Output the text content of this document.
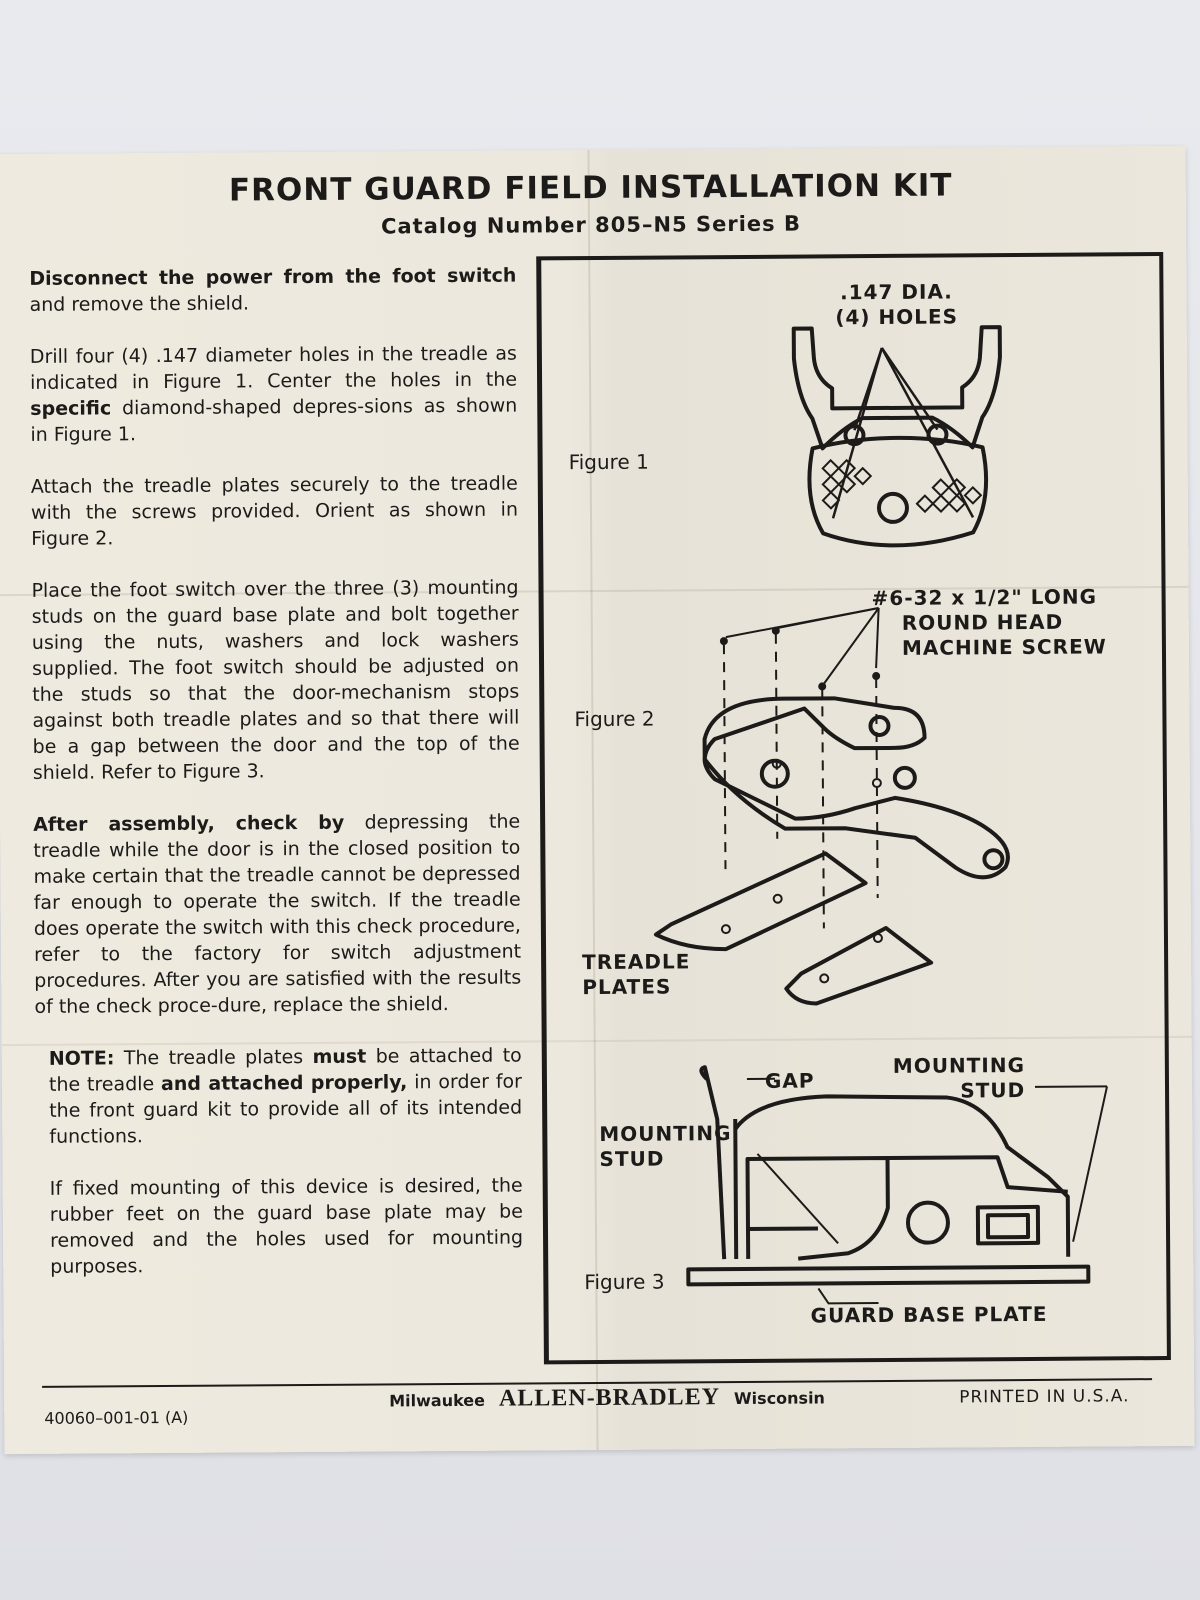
FRONT GUARD FIELD INSTALLATION KIT
Catalog Number 805–N5 Series B

Disconnect the power from the foot switch and remove the shield.

Drill four (4) .147 diameter holes in the treadle as indicated in Figure 1. Center the holes in the specific diamond-shaped depres-sions as shown in Figure 1.

Attach the treadle plates securely to the treadle with the screws provided. Orient as shown in Figure 2.

Place the foot switch over the three (3) mounting studs on the guard base plate and bolt together using the nuts, washers and lock washers supplied. The foot switch should be adjusted on the studs so that the door-mechanism stops against both treadle plates and so that there will be a gap between the door and the top of the shield. Refer to Figure 3.

After assembly, check by depressing the treadle while the door is in the closed position to make certain that the treadle cannot be depressed far enough to operate the switch. If the treadle does operate the switch with this check procedure, refer to the factory for switch adjustment procedures. After you are satisfied with the results of the check proce-dure, replace the shield.

NOTE: The treadle plates must be attached to the treadle and attached properly, in order for the front guard kit to provide all of its intended functions.

If fixed mounting of this device is desired, the rubber feet on the guard base plate may be removed and the holes used for mounting purposes.

Figure 1
.147 DIA.
(4) HOLES
Figure 2
#6-32 x 1/2" LONG
ROUND HEAD
MACHINE SCREW
TREADLE
PLATES
Figure 3
GAP
MOUNTING
STUD
MOUNTING
STUD
GUARD BASE PLATE
40060–001-01 (A)
Milwaukee ALLEN-BRADLEY Wisconsin	PRINTED IN U.S.A.
